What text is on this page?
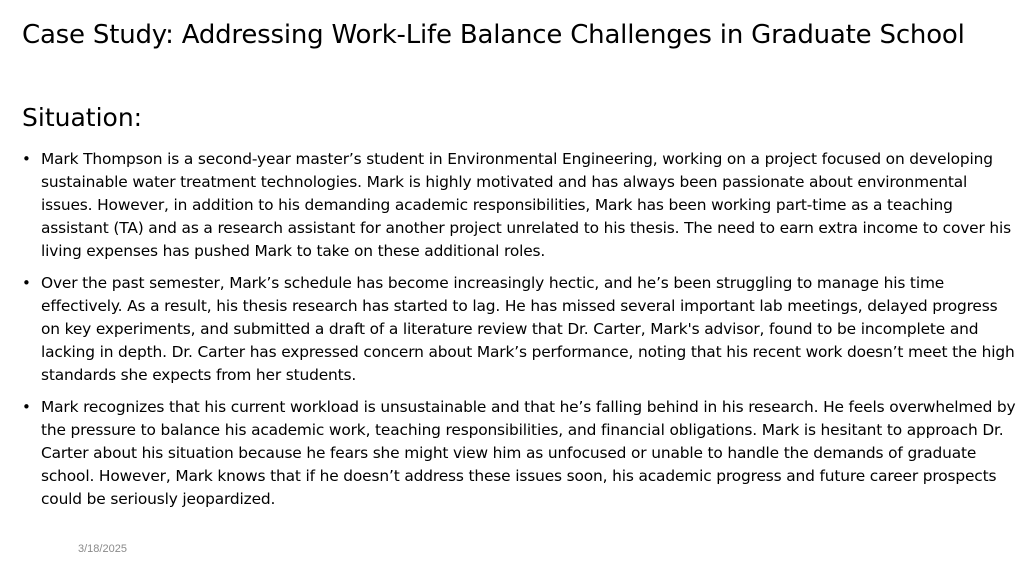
Case Study: Addressing Work-Life Balance Challenges in Graduate School
Situation:
• Mark Thompson is a second-year master’s student in Environmental Engineering, working on a project focused on developing sustainable water treatment technologies. Mark is highly motivated and has always been passionate about environmental issues. However, in addition to his demanding academic responsibilities, Mark has been working part-time as a teaching assistant (TA) and as a research assistant for another project unrelated to his thesis. The need to earn extra income to cover his living expenses has pushed Mark to take on these additional roles.
• Over the past semester, Mark’s schedule has become increasingly hectic, and he’s been struggling to manage his time effectively. As a result, his thesis research has started to lag. He has missed several important lab meetings, delayed progress on key experiments, and submitted a draft of a literature review that Dr. Carter, Mark's advisor, found to be incomplete and lacking in depth. Dr. Carter has expressed concern about Mark’s performance, noting that his recent work doesn’t meet the high standards she expects from her students.
• Mark recognizes that his current workload is unsustainable and that he’s falling behind in his research. He feels overwhelmed by the pressure to balance his academic work, teaching responsibilities, and financial obligations. Mark is hesitant to approach Dr. Carter about his situation because he fears she might view him as unfocused or unable to handle the demands of graduate school. However, Mark knows that if he doesn’t address these issues soon, his academic progress and future career prospects could be seriously jeopardized.
3/18/2025
